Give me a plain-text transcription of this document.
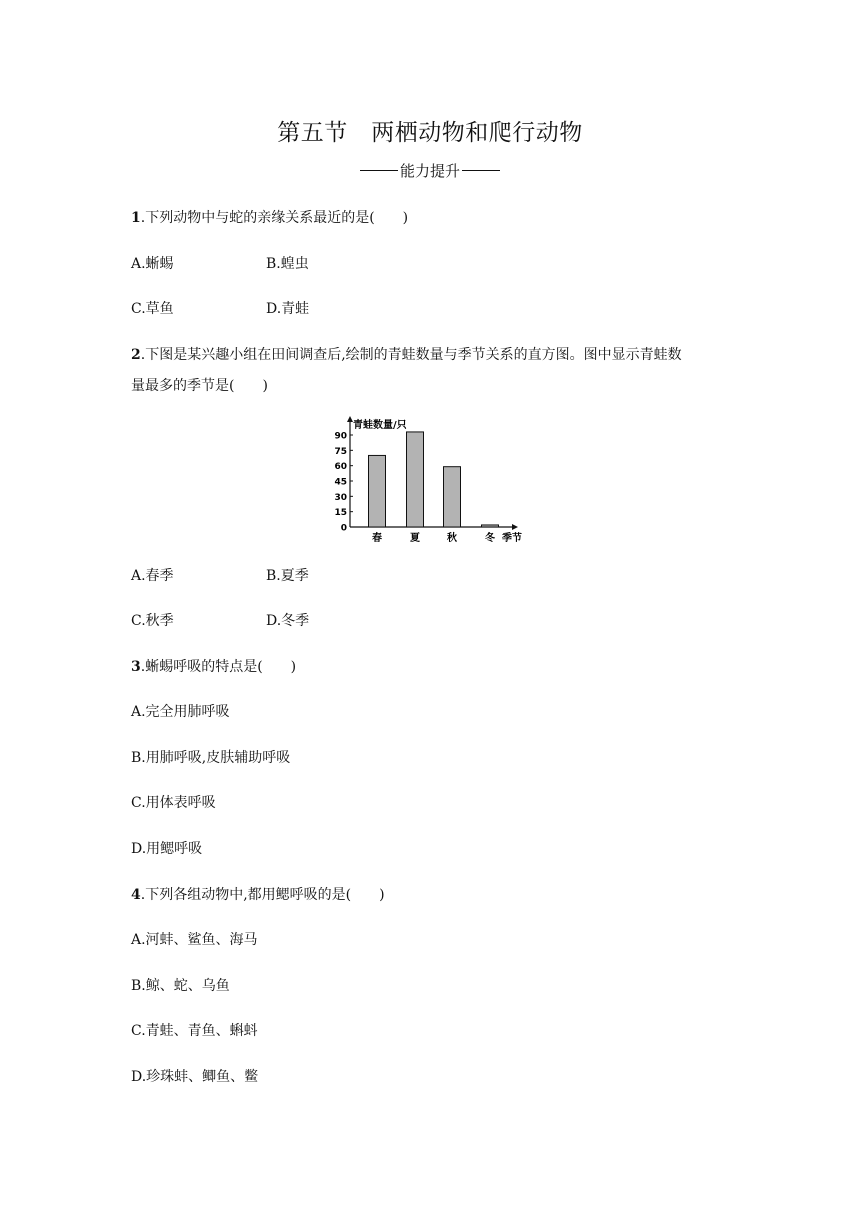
第五节　两栖动物和爬行动物
能力提升
1.下列动物中与蛇的亲缘关系最近的是(　　)
A.蜥蜴	B.蝗虫
C.草鱼	D.青蛙
2.下图是某兴趣小组在田间调查后,绘制的青蛙数量与季节关系的直方图。图中显示青蛙数
量最多的季节是(　　)
青蛙数量/只
0
15
30
45
60
75
90
春	夏	秋	冬 季节
A.春季	B.夏季
C.秋季	D.冬季
3.蜥蜴呼吸的特点是(　　)
A.完全用肺呼吸
B.用肺呼吸,皮肤辅助呼吸
C.用体表呼吸
D.用鳃呼吸
4.下列各组动物中,都用鳃呼吸的是(　　)
A.河蚌、鲨鱼、海马
B.鲸、蛇、乌鱼
C.青蛙、青鱼、蝌蚪
D.珍珠蚌、鲫鱼、鳖
